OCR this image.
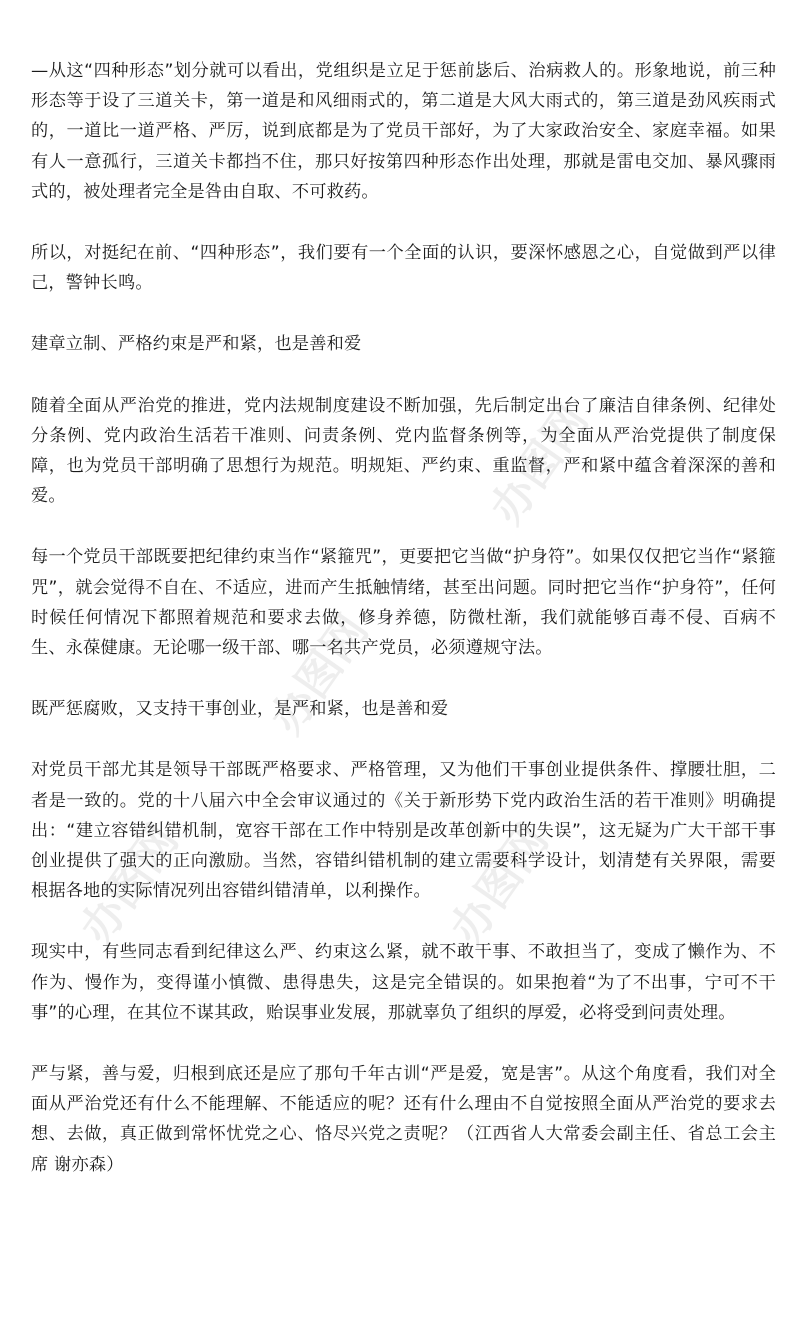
办图网
办图网
办图网	办图网

—从这“四种形态”划分就可以看出，党组织是立足于惩前毖后、治病救人的。形象地说，前三种形态等于设了三道关卡，第一道是和风细雨式的，第二道是大风大雨式的，第三道是劲风疾雨式的，一道比一道严格、严厉，说到底都是为了党员干部好，为了大家政治安全、家庭幸福。如果有人一意孤行，三道关卡都挡不住，那只好按第四种形态作出处理，那就是雷电交加、暴风骤雨式的，被处理者完全是咎由自取、不可救药。

所以，对挺纪在前、“四种形态”，我们要有一个全面的认识，要深怀感恩之心，自觉做到严以律己，警钟长鸣。

建章立制、严格约束是严和紧，也是善和爱

随着全面从严治党的推进，党内法规制度建设不断加强，先后制定出台了廉洁自律条例、纪律处分条例、党内政治生活若干准则、问责条例、党内监督条例等，为全面从严治党提供了制度保障，也为党员干部明确了思想行为规范。明规矩、严约束、重监督，严和紧中蕴含着深深的善和爱。

每一个党员干部既要把纪律约束当作“紧箍咒”，更要把它当做“护身符”。如果仅仅把它当作“紧箍咒”，就会觉得不自在、不适应，进而产生抵触情绪，甚至出问题。同时把它当作“护身符”，任何时候任何情况下都照着规范和要求去做，修身养德，防微杜渐，我们就能够百毒不侵、百病不生、永葆健康。无论哪一级干部、哪一名共产党员，必须遵规守法。

既严惩腐败，又支持干事创业，是严和紧，也是善和爱

对党员干部尤其是领导干部既严格要求、严格管理，又为他们干事创业提供条件、撑腰壮胆，二者是一致的。党的十八届六中全会审议通过的《关于新形势下党内政治生活的若干准则》明确提出：“建立容错纠错机制，宽容干部在工作中特别是改革创新中的失误”，这无疑为广大干部干事创业提供了强大的正向激励。当然，容错纠错机制的建立需要科学设计，划清楚有关界限，需要根据各地的实际情况列出容错纠错清单，以利操作。

现实中，有些同志看到纪律这么严、约束这么紧，就不敢干事、不敢担当了，变成了懒作为、不作为、慢作为，变得谨小慎微、患得患失，这是完全错误的。如果抱着“为了不出事，宁可不干事”的心理，在其位不谋其政，贻误事业发展，那就辜负了组织的厚爱，必将受到问责处理。

严与紧，善与爱，归根到底还是应了那句千年古训“严是爱，宽是害”。从这个角度看，我们对全面从严治党还有什么不能理解、不能适应的呢？还有什么理由不自觉按照全面从严治党的要求去想、去做，真正做到常怀忧党之心、恪尽兴党之责呢？（江西省人大常委会副主任、省总工会主席 谢亦森）
